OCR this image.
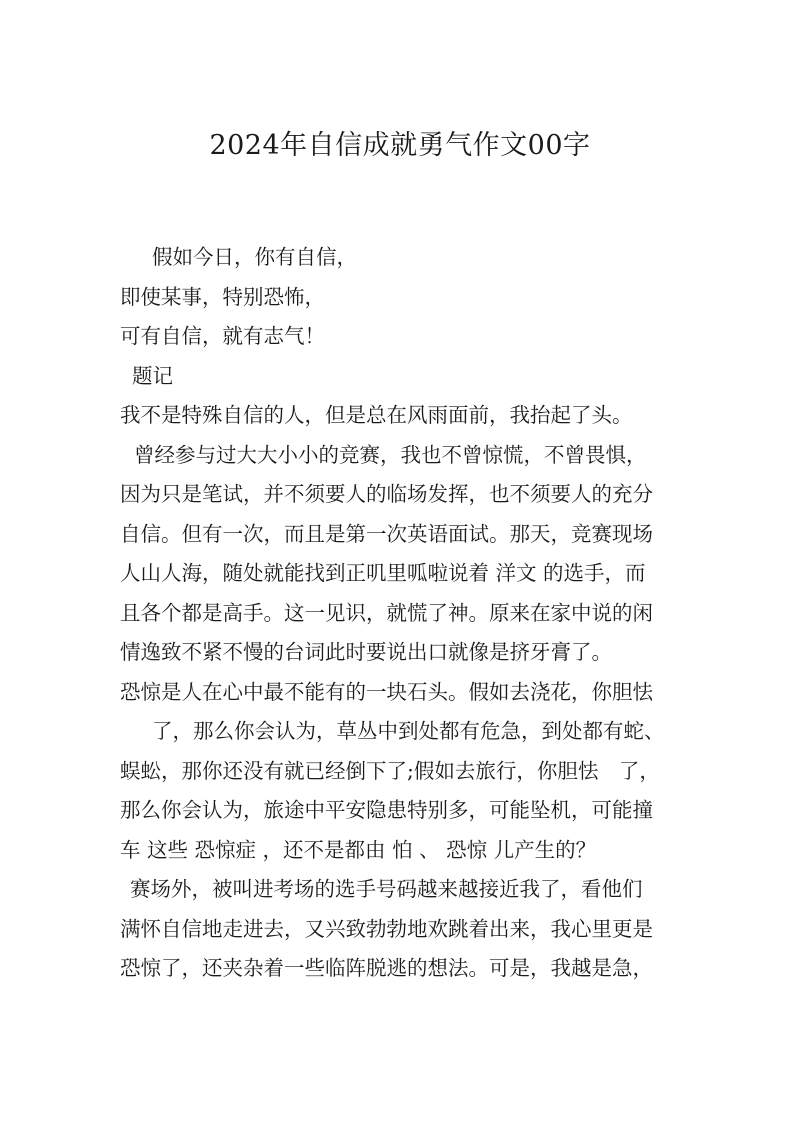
2024年自信成就勇气作文00字
假如今日，你有自信，
即使某事，特别恐怖，
可有自信，就有志气！
题记
我不是特殊自信的人，但是总在风雨面前，我抬起了头。
曾经参与过大大小小的竞赛，我也不曾惊慌，不曾畏惧，
因为只是笔试，并不须要人的临场发挥，也不须要人的充分
自信。但有一次，而且是第一次英语面试。那天，竞赛现场
人山人海，随处就能找到正叽里呱啦说着 洋文 的选手，而
且各个都是高手。这一见识，就慌了神。原来在家中说的闲
情逸致不紧不慢的台词此时要说出口就像是挤牙膏了。
恐惊是人在心中最不能有的一块石头。假如去浇花，你胆怯
了，那么你会认为，草丛中到处都有危急，到处都有蛇、
蜈蚣，那你还没有就已经倒下了;假如去旅行，你胆怯　了，
那么你会认为，旅途中平安隐患特别多，可能坠机，可能撞
车 这些 恐惊症 ，还不是都由 怕 、 恐惊 儿产生的？
赛场外，被叫进考场的选手号码越来越接近我了，看他们
满怀自信地走进去，又兴致勃勃地欢跳着出来，我心里更是
恐惊了，还夹杂着一些临阵脱逃的想法。可是，我越是急，
